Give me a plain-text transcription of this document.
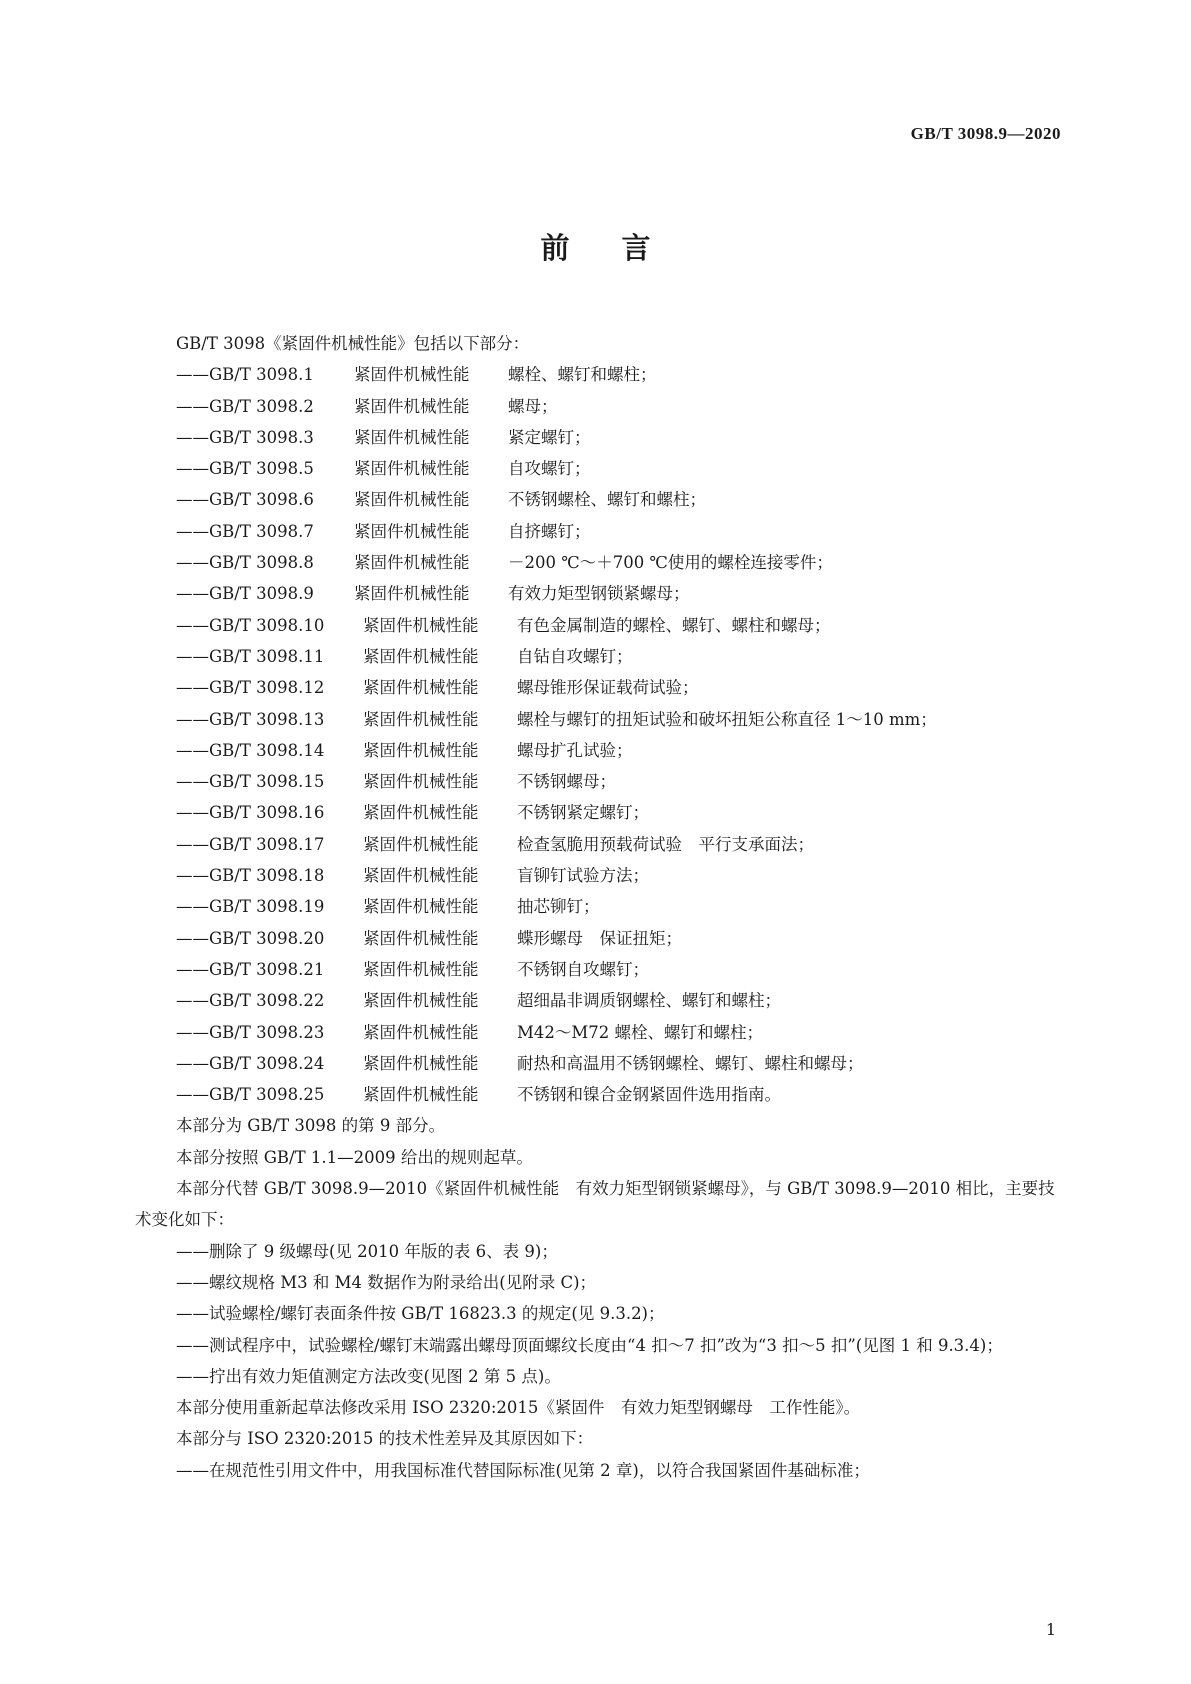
GB/T 3098.9—2020
前言
GB/T 3098《紧固件机械性能》包括以下部分：
——GB/T 3098.1 紧固件机械性能 螺栓、螺钉和螺柱；
——GB/T 3098.2 紧固件机械性能 螺母；
——GB/T 3098.3 紧固件机械性能 紧定螺钉；
——GB/T 3098.5 紧固件机械性能 自攻螺钉；
——GB/T 3098.6 紧固件机械性能 不锈钢螺栓、螺钉和螺柱；
——GB/T 3098.7 紧固件机械性能 自挤螺钉；
——GB/T 3098.8 紧固件机械性能 －200 ℃～＋700 ℃使用的螺栓连接零件；
——GB/T 3098.9 紧固件机械性能 有效力矩型钢锁紧螺母；
——GB/T 3098.10 紧固件机械性能 有色金属制造的螺栓、螺钉、螺柱和螺母；
——GB/T 3098.11 紧固件机械性能 自钻自攻螺钉；
——GB/T 3098.12 紧固件机械性能 螺母锥形保证载荷试验；
——GB/T 3098.13 紧固件机械性能 螺栓与螺钉的扭矩试验和破坏扭矩公称直径 1～10 mm；
——GB/T 3098.14 紧固件机械性能 螺母扩孔试验；
——GB/T 3098.15 紧固件机械性能 不锈钢螺母；
——GB/T 3098.16 紧固件机械性能 不锈钢紧定螺钉；
——GB/T 3098.17 紧固件机械性能 检查氢脆用预载荷试验　平行支承面法；
——GB/T 3098.18 紧固件机械性能 盲铆钉试验方法；
——GB/T 3098.19 紧固件机械性能 抽芯铆钉；
——GB/T 3098.20 紧固件机械性能 蝶形螺母　保证扭矩；
——GB/T 3098.21 紧固件机械性能 不锈钢自攻螺钉；
——GB/T 3098.22 紧固件机械性能 超细晶非调质钢螺栓、螺钉和螺柱；
——GB/T 3098.23 紧固件机械性能 M42～M72 螺栓、螺钉和螺柱；
——GB/T 3098.24 紧固件机械性能 耐热和高温用不锈钢螺栓、螺钉、螺柱和螺母；
——GB/T 3098.25 紧固件机械性能 不锈钢和镍合金钢紧固件选用指南。
本部分为 GB/T 3098 的第 9 部分。
本部分按照 GB/T 1.1—2009 给出的规则起草。
本部分代替 GB/T 3098.9—2010《紧固件机械性能　有效力矩型钢锁紧螺母》，与 GB/T 3098.9—2010 相比，主要技术变化如下：
——删除了 9 级螺母(见 2010 年版的表 6、表 9)；
——螺纹规格 M3 和 M4 数据作为附录给出(见附录 C)；
——试验螺栓/螺钉表面条件按 GB/T 16823.3 的规定(见 9.3.2)；
——测试程序中，试验螺栓/螺钉末端露出螺母顶面螺纹长度由“4 扣～7 扣”改为“3 扣～5 扣”(见图 1 和 9.3.4)；
——拧出有效力矩值测定方法改变(见图 2 第 5 点)。
本部分使用重新起草法修改采用 ISO 2320:2015《紧固件　有效力矩型钢螺母　工作性能》。
本部分与 ISO 2320:2015 的技术性差异及其原因如下：
——在规范性引用文件中，用我国标准代替国际标准(见第 2 章)，以符合我国紧固件基础标准；
1
